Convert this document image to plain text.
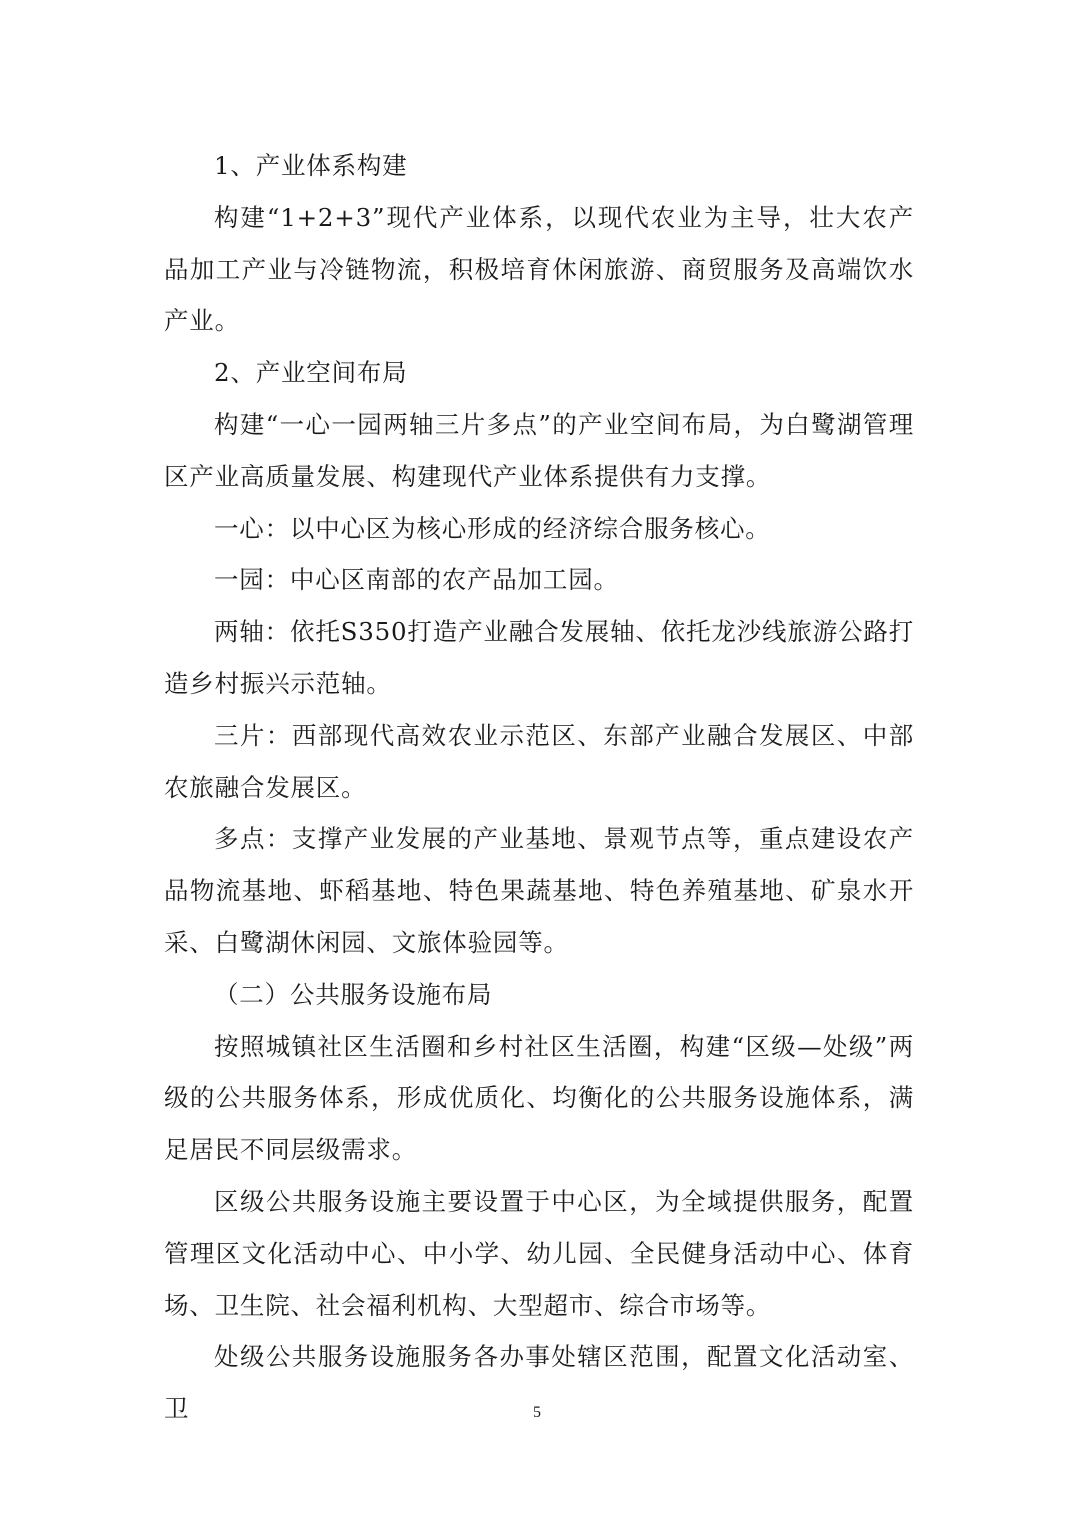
1、产业体系构建

构建“1+2+3”现代产业体系，以现代农业为主导，壮大农产品加工产业与冷链物流，积极培育休闲旅游、商贸服务及高端饮水产业。

2、产业空间布局

构建“一心一园两轴三片多点”的产业空间布局，为白鹭湖管理区产业高质量发展、构建现代产业体系提供有力支撑。

一心：以中心区为核心形成的经济综合服务核心。

一园：中心区南部的农产品加工园。

两轴：依托S350打造产业融合发展轴、依托龙沙线旅游公路打造乡村振兴示范轴。

三片：西部现代高效农业示范区、东部产业融合发展区、中部农旅融合发展区。

多点：支撑产业发展的产业基地、景观节点等，重点建设农产品物流基地、虾稻基地、特色果蔬基地、特色养殖基地、矿泉水开采、白鹭湖休闲园、文旅体验园等。

（二）公共服务设施布局

按照城镇社区生活圈和乡村社区生活圈，构建“区级—处级”两级的公共服务体系，形成优质化、均衡化的公共服务设施体系，满足居民不同层级需求。

区级公共服务设施主要设置于中心区，为全域提供服务，配置管理区文化活动中心、中小学、幼儿园、全民健身活动中心、体育场、卫生院、社会福利机构、大型超市、综合市场等。

处级公共服务设施服务各办事处辖区范围，配置文化活动室、卫	5
